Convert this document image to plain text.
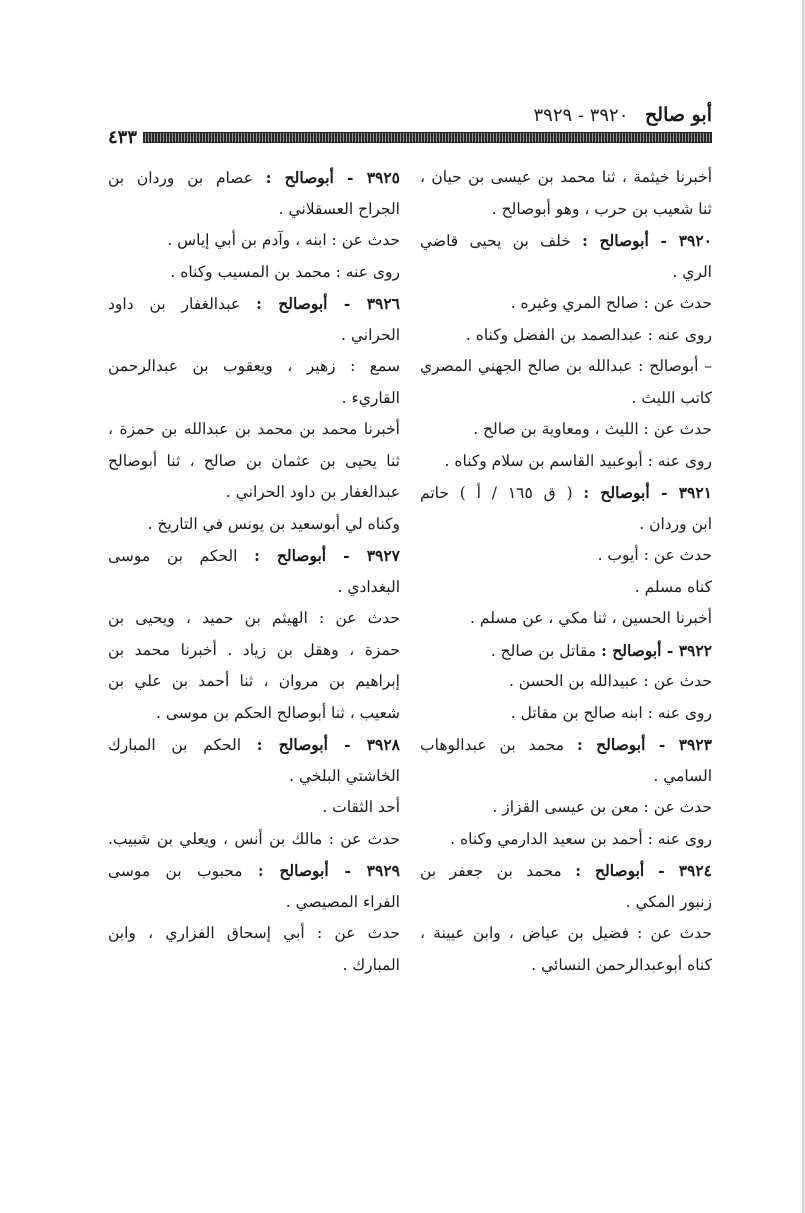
أبو صالح ٣٩٢٠ - ٣٩٢٩
٤٣٣
أخبرنا خيثمة ، ثنا محمد بن عيسى بن حيان ،
ثنا شعيب بن حرب ، وهو أبوصالح .
٣٩٢٠ - أبوصالح : خلف بن يحيى قاضي
الري .
حدث عن : صالح المري وغيره .
روى عنه : عبدالصمد بن الفضل وكناه .
– أبوصالح : عبدالله بن صالح الجهني المصري
كاتب الليث .
حدث عن : الليث ، ومعاوية بن صالح .
روى عنه : أبوعبيد القاسم بن سلام وكناه .
٣٩٢١ - أبوصالح : ( ق ١٦٥ / أ ) حاتم
ابن وردان .
حدث عن : أيوب .
كناه مسلم .
أخبرنا الحسين ، ثنا مكي ، عن مسلم .
٣٩٢٢ - أبوصالح : مقاتل بن صالح .
حدث عن : عبيدالله بن الحسن .
روى عنه : ابنه صالح بن مقاتل .
٣٩٢٣ - أبوصالح : محمد بن عبدالوهاب
السامي .
حدث عن : معن بن عيسى القزاز .
روى عنه : أحمد بن سعيد الدارمي وكناه .
٣٩٢٤ - أبوصالح : محمد بن جعفر بن
زنبور المكي .
حدث عن : فضيل بن عياض ، وابن عيينة ،
كناه أبوعبدالرحمن النسائي .
٣٩٢٥ - أبوصالح : عصام بن وردان بن
الجراح العسقلاني .
حدث عن : ابنه ، وآدم بن أبي إياس .
روى عنه : محمد بن المسيب وكناه .
٣٩٢٦ - أبوصالح : عبدالغفار بن داود
الحراني .
سمع : زهير ، ويعقوب بن عبدالرحمن
القاريء .
أخبرنا محمد بن محمد بن عبدالله بن حمزة ،
ثنا يحيى بن عثمان بن صالح ، ثنا أبوصالح
عبدالغفار بن داود الحراني .
وكناه لي أبوسعيد بن يونس في التاريخ .
٣٩٢٧ - أبوصالح : الحكم بن موسى
البغدادي .
حدث عن : الهيثم بن حميد ، ويحيى بن
حمزة ، وهقل بن زياد . أخبرنا محمد بن
إبراهيم بن مروان ، ثنا أحمد بن علي بن
شعيب ، ثنا أبوصالح الحكم بن موسى .
٣٩٢٨ - أبوصالح : الحكم بن المبارك
الخاشتي البلخي .
أحد الثقات .
حدث عن : مالك بن أنس ، ويعلي بن شبيب.
٣٩٢٩ - أبوصالح : محبوب بن موسى
الفراء المصيصي .
حدث عن : أبي إسحاق الفزاري ، وابن
المبارك .
